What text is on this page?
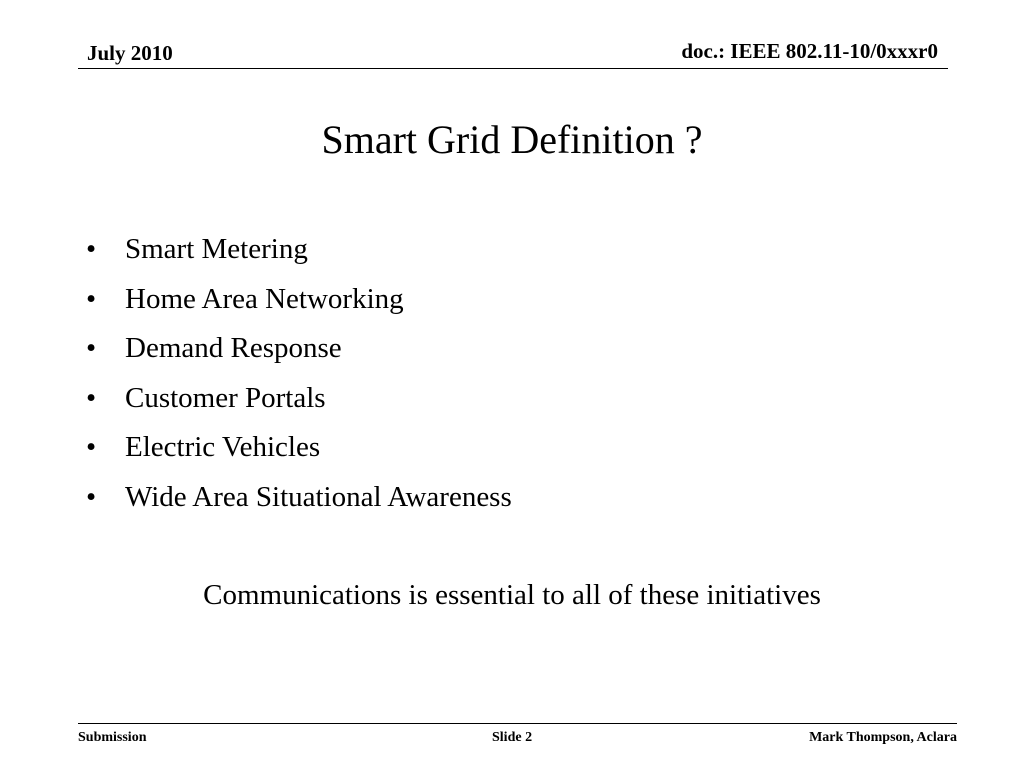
July 2010	doc.: IEEE 802.11-10/0xxxr0
Smart Grid Definition ?
• Smart Metering
• Home Area Networking
• Demand Response
• Customer Portals
• Electric Vehicles
• Wide Area Situational Awareness
Communications is essential to all of these initiatives
Submission	Slide 2	Mark Thompson, Aclara
